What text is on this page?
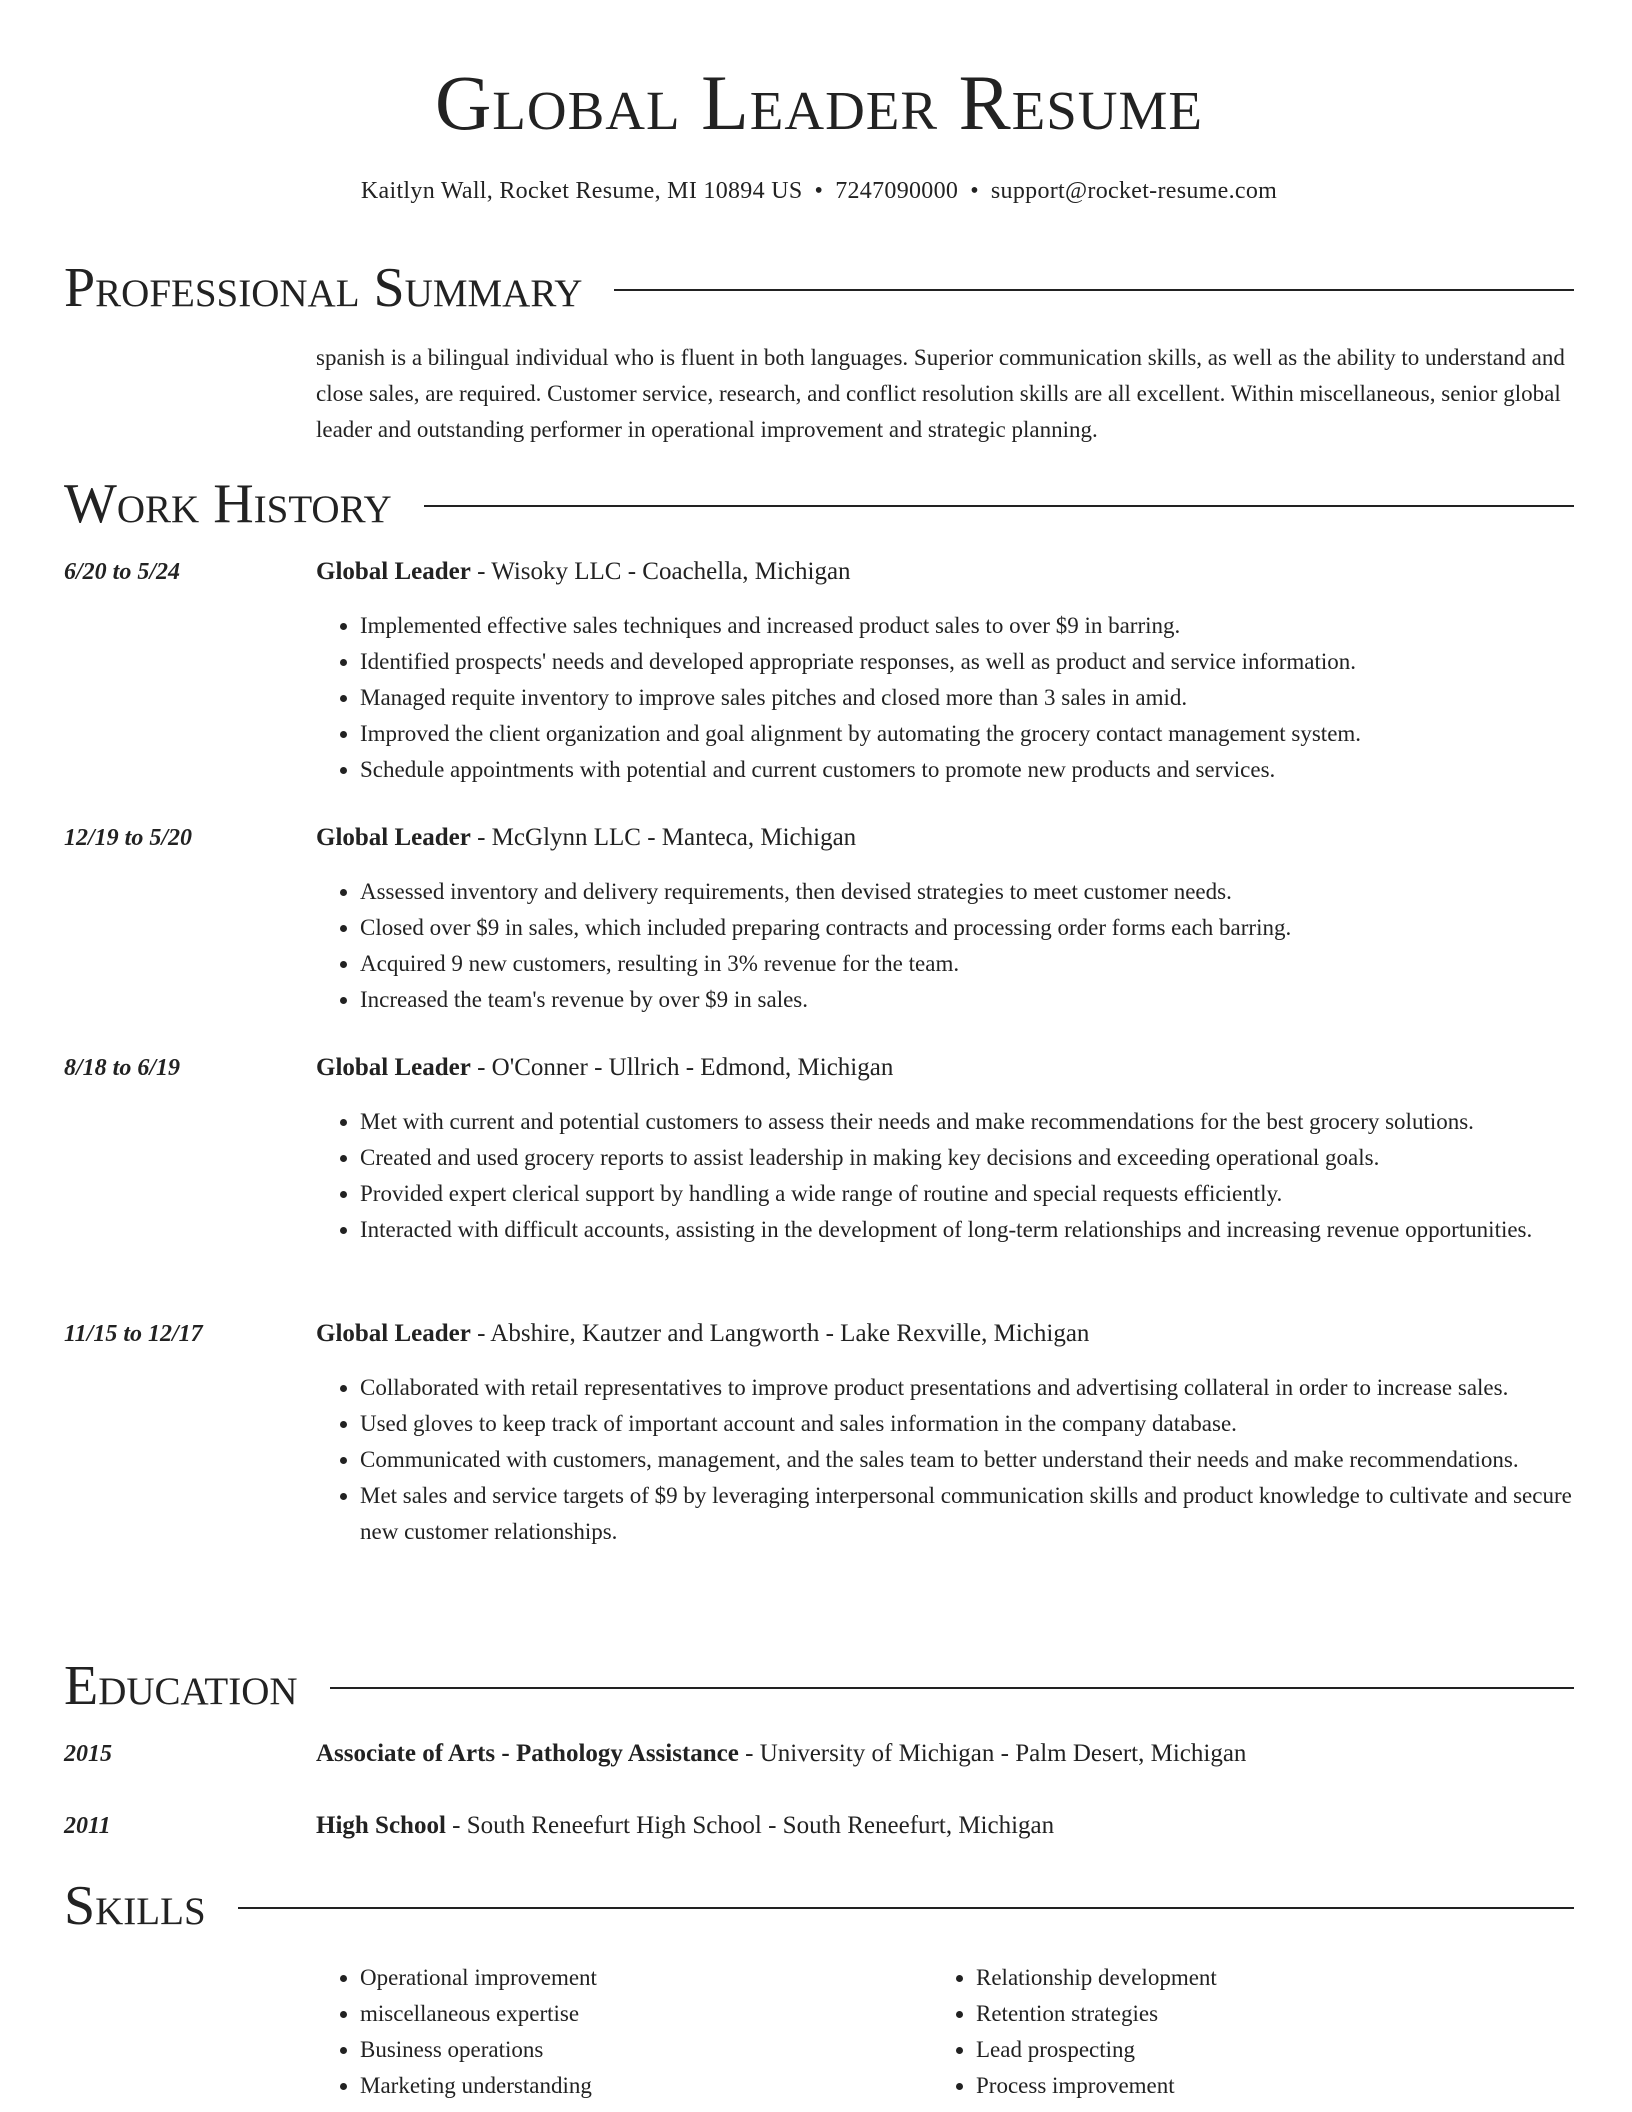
Global Leader Resume
Kaitlyn Wall, Rocket Resume, MI 10894 US • 7247090000 • support@rocket-resume.com
Professional Summary
spanish is a bilingual individual who is fluent in both languages. Superior communication skills, as well as the ability to understand and close sales, are required. Customer service, research, and conflict resolution skills are all excellent. Within miscellaneous, senior global leader and outstanding performer in operational improvement and strategic planning.
Work History
6/20 to 5/24	Global Leader - Wisoky LLC - Coachella, Michigan
• Implemented effective sales techniques and increased product sales to over $9 in barring.
• Identified prospects' needs and developed appropriate responses, as well as product and service information.
• Managed requite inventory to improve sales pitches and closed more than 3 sales in amid.
• Improved the client organization and goal alignment by automating the grocery contact management system.
• Schedule appointments with potential and current customers to promote new products and services.
12/19 to 5/20	Global Leader - McGlynn LLC - Manteca, Michigan
• Assessed inventory and delivery requirements, then devised strategies to meet customer needs.
• Closed over $9 in sales, which included preparing contracts and processing order forms each barring.
• Acquired 9 new customers, resulting in 3% revenue for the team.
• Increased the team's revenue by over $9 in sales.
8/18 to 6/19	Global Leader - O'Conner - Ullrich - Edmond, Michigan
• Met with current and potential customers to assess their needs and make recommendations for the best grocery solutions.
• Created and used grocery reports to assist leadership in making key decisions and exceeding operational goals.
• Provided expert clerical support by handling a wide range of routine and special requests efficiently.
• Interacted with difficult accounts, assisting in the development of long-term relationships and increasing revenue opportunities.
11/15 to 12/17	Global Leader - Abshire, Kautzer and Langworth - Lake Rexville, Michigan
• Collaborated with retail representatives to improve product presentations and advertising collateral in order to increase sales.
• Used gloves to keep track of important account and sales information in the company database.
• Communicated with customers, management, and the sales team to better understand their needs and make recommendations.
• Met sales and service targets of $9 by leveraging interpersonal communication skills and product knowledge to cultivate and secure new customer relationships.
Education
2015	Associate of Arts - Pathology Assistance - University of Michigan - Palm Desert, Michigan
2011	High School - South Reneefurt High School - South Reneefurt, Michigan
Skills
• Operational improvement
• miscellaneous expertise
• Business operations
• Marketing understanding
• Relationship development
• Retention strategies
• Lead prospecting
• Process improvement
